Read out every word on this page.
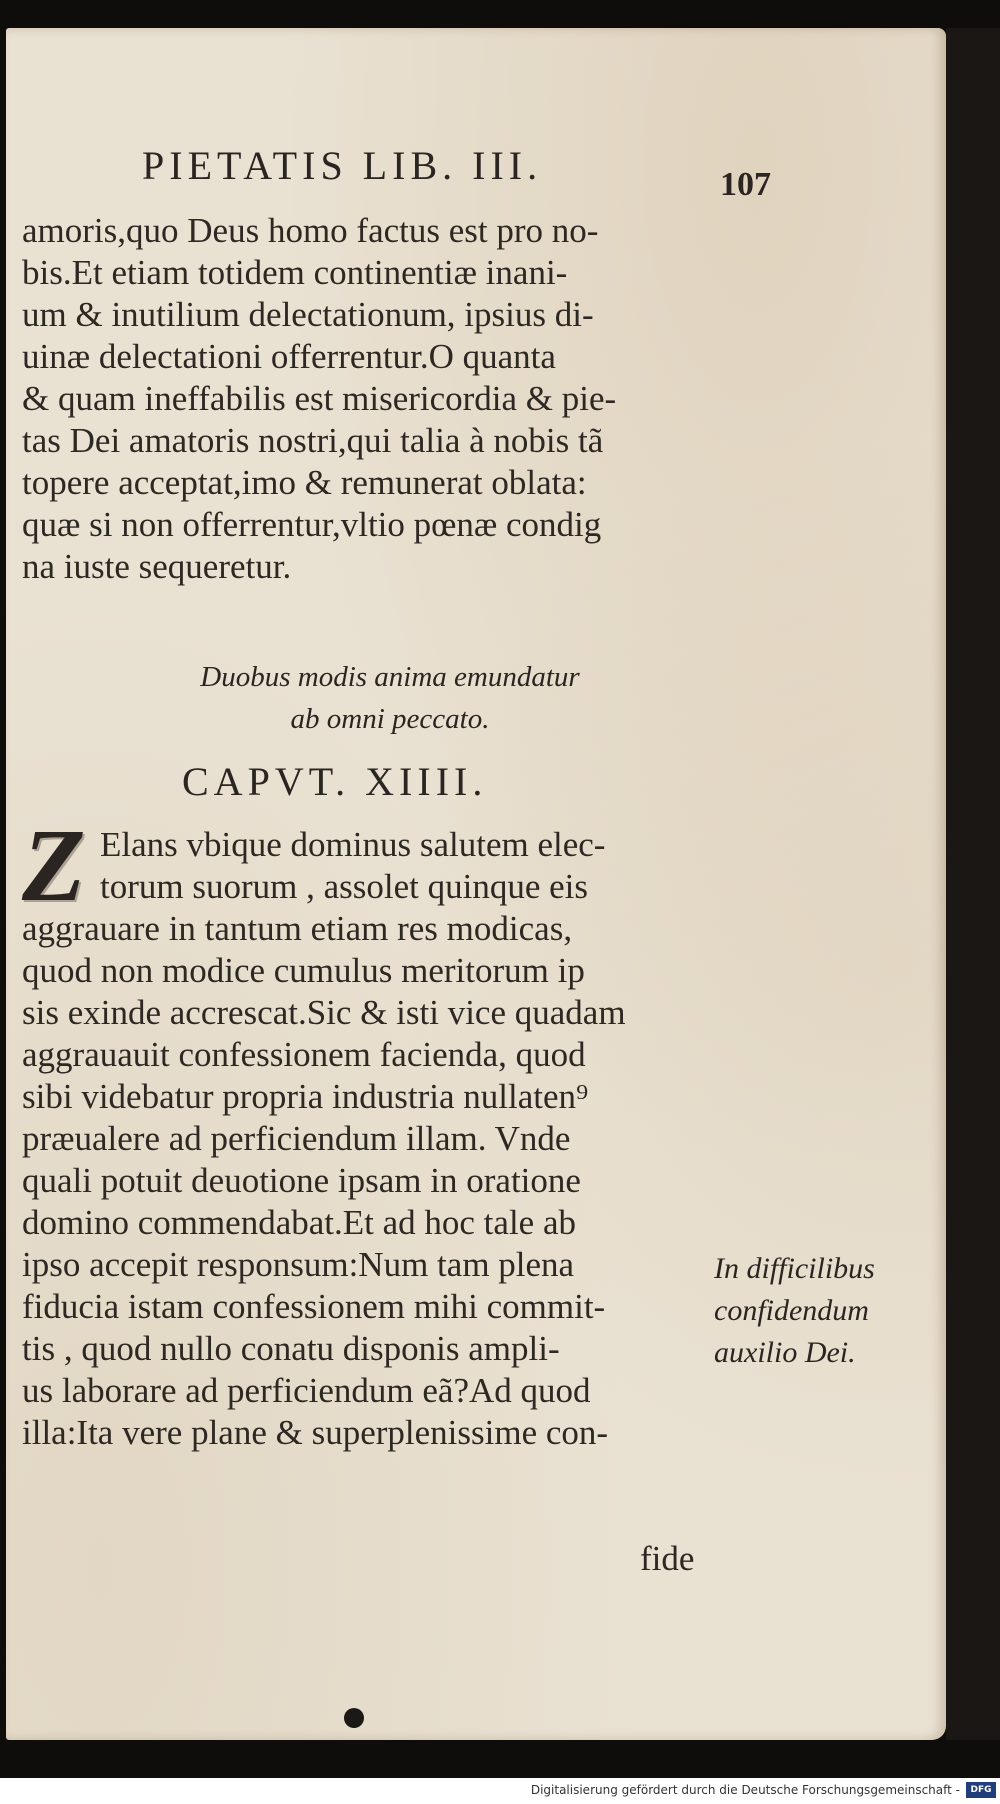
PIETATIS LIB. III.	107
amoris,quo Deus homo factus est pro no-
bis.Et etiam totidem continentiæ inani-
um & inutilium delectationum, ipsius di-
uinæ delectationi offerrentur.O quanta
& quam ineffabilis est misericordia & pie-
tas Dei amatoris nostri,qui talia à nobis tã
topere acceptat,imo & remunerat oblata:
quæ si non offerrentur,vltio pœnæ condig
na iuste sequeretur.
Duobus modis anima emundatur
ab omni peccato.
CAPVT. XIIII.
Z Elans vbique dominus salutem elec-
torum suorum , assolet quinque eis
aggrauare in tantum etiam res modicas,
quod non modice cumulus meritorum ip
sis exinde accrescat.Sic & isti vice quadam
aggrauauit confessionem facienda, quod
sibi videbatur propria industria nullaten⁹
præualere ad perficiendum illam. Vnde
quali potuit deuotione ipsam in oratione
domino commendabat.Et ad hoc tale ab
ipso accepit responsum:Num tam plena
fiducia istam confessionem mihi commit-
tis , quod nullo conatu disponis ampli-
us laborare ad perficiendum eã?Ad quod
illa:Ita vere plane & superplenissime con-
fide
In difficilibus
confidendum
auxilio Dei.
Digitalisierung gefördert durch die Deutsche Forschungsgemeinschaft -	DFG
